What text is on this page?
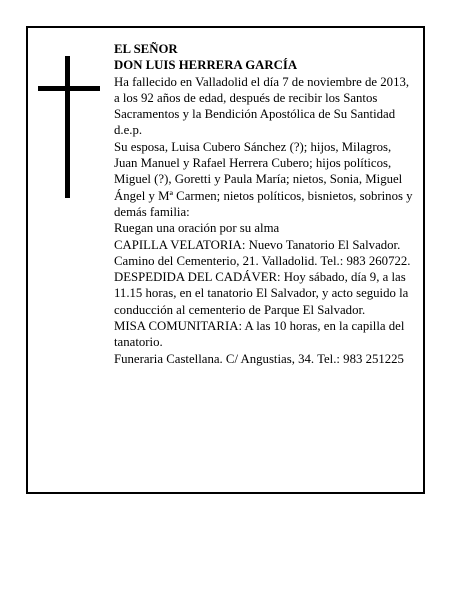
EL SEÑOR

DON LUIS HERRERA GARCÍA

Ha fallecido en Valladolid el día 7 de noviembre de 2013, a los 92 años de edad, después de recibir los Santos Sacramentos y la Bendición Apostólica de Su Santidad

d.e.p.

Su esposa, Luisa Cubero Sánchez (?); hijos, Milagros, Juan Manuel y Rafael Herrera Cubero; hijos políticos, Miguel (?), Goretti y Paula María; nietos, Sonia, Miguel Ángel y Mª Carmen; nietos políticos, bisnietos, sobrinos y demás familia:

Ruegan una oración por su alma

CAPILLA VELATORIA: Nuevo Tanatorio El Salvador. Camino del Cementerio, 21. Valladolid. Tel.: 983 260722.

DESPEDIDA DEL CADÁVER: Hoy sábado, día 9, a las 11.15 horas, en el tanatorio El Salvador, y acto seguido la conducción al cementerio de Parque El Salvador.

MISA COMUNITARIA: A las 10 horas, en la capilla del tanatorio.

Funeraria Castellana. C/ Angustias, 34. Tel.: 983 251225
